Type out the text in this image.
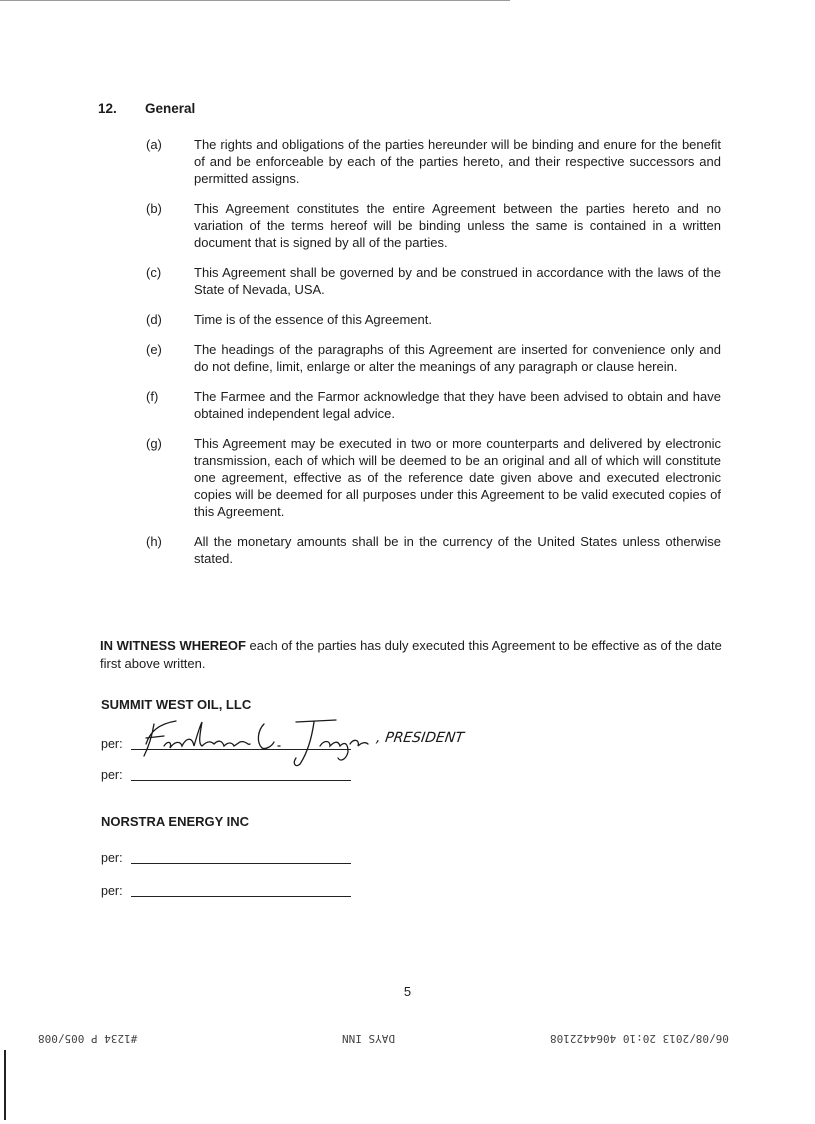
12. General
(a)	The rights and obligations of the parties hereunder will be binding and enure for the benefit of and be enforceable by each of the parties hereto, and their respective successors and permitted assigns.
(b)	This Agreement constitutes the entire Agreement between the parties hereto and no variation of the terms hereof will be binding unless the same is contained in a written document that is signed by all of the parties.
(c)	This Agreement shall be governed by and be construed in accordance with the laws of the State of Nevada, USA.
(d)	Time is of the essence of this Agreement.
(e)	The headings of the paragraphs of this Agreement are inserted for convenience only and do not define, limit, enlarge or alter the meanings of any paragraph or clause herein.
(f)	The Farmee and the Farmor acknowledge that they have been advised to obtain and have obtained independent legal advice.
(g)	This Agreement may be executed in two or more counterparts and delivered by electronic transmission, each of which will be deemed to be an original and all of which will constitute one agreement, effective as of the reference date given above and executed electronic copies will be deemed for all purposes under this Agreement to be valid executed copies of this Agreement.
(h)	All the monetary amounts shall be in the currency of the United States unless otherwise stated.
IN WITNESS WHEREOF each of the parties has duly executed this Agreement to be effective as of the date first above written.
SUMMIT WEST OIL, LLC
per:	, PRESIDENT
per:
NORSTRA ENERGY INC
per:
per:
5
#1234 P 005/008	DAYS INN	06/08/2013 20:10 4064422108
